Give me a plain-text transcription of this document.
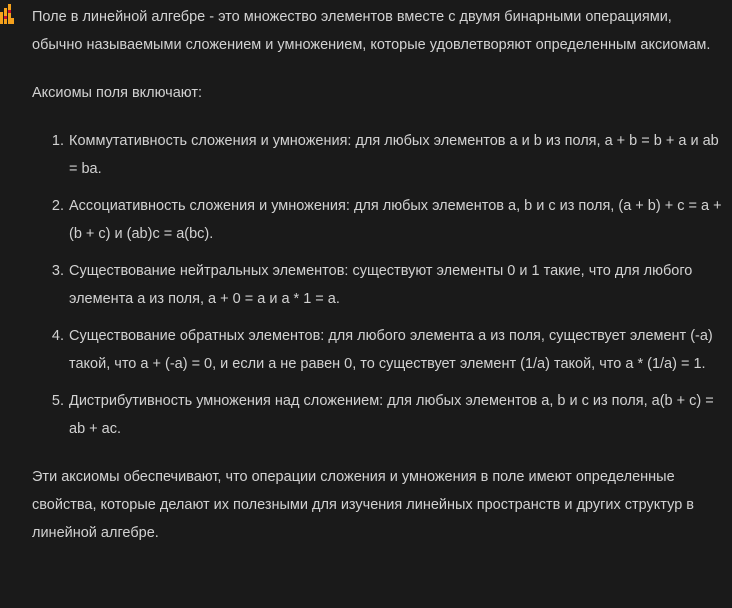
Поле в линейной алгебре - это множество элементов вместе с двумя бинарными операциями, обычно называемыми сложением и умножением, которые удовлетворяют определенным аксиомам.

Аксиомы поля включают:

1. Коммутативность сложения и умножения: для любых элементов a и b из поля, a + b = b + a и ab = ba.
2. Ассоциативность сложения и умножения: для любых элементов a, b и c из поля, (a + b) + c = a + (b + c) и (ab)c = a(bc).
3. Существование нейтральных элементов: существуют элементы 0 и 1 такие, что для любого элемента a из поля, a + 0 = a и a * 1 = a.
4. Существование обратных элементов: для любого элемента a из поля, существует элемент (-a) такой, что a + (-a) = 0, и если a не равен 0, то существует элемент (1/a) такой, что a * (1/a) = 1.
5. Дистрибутивность умножения над сложением: для любых элементов a, b и c из поля, a(b + c) = ab + ac.

Эти аксиомы обеспечивают, что операции сложения и умножения в поле имеют определенные свойства, которые делают их полезными для изучения линейных пространств и других структур в линейной алгебре.
